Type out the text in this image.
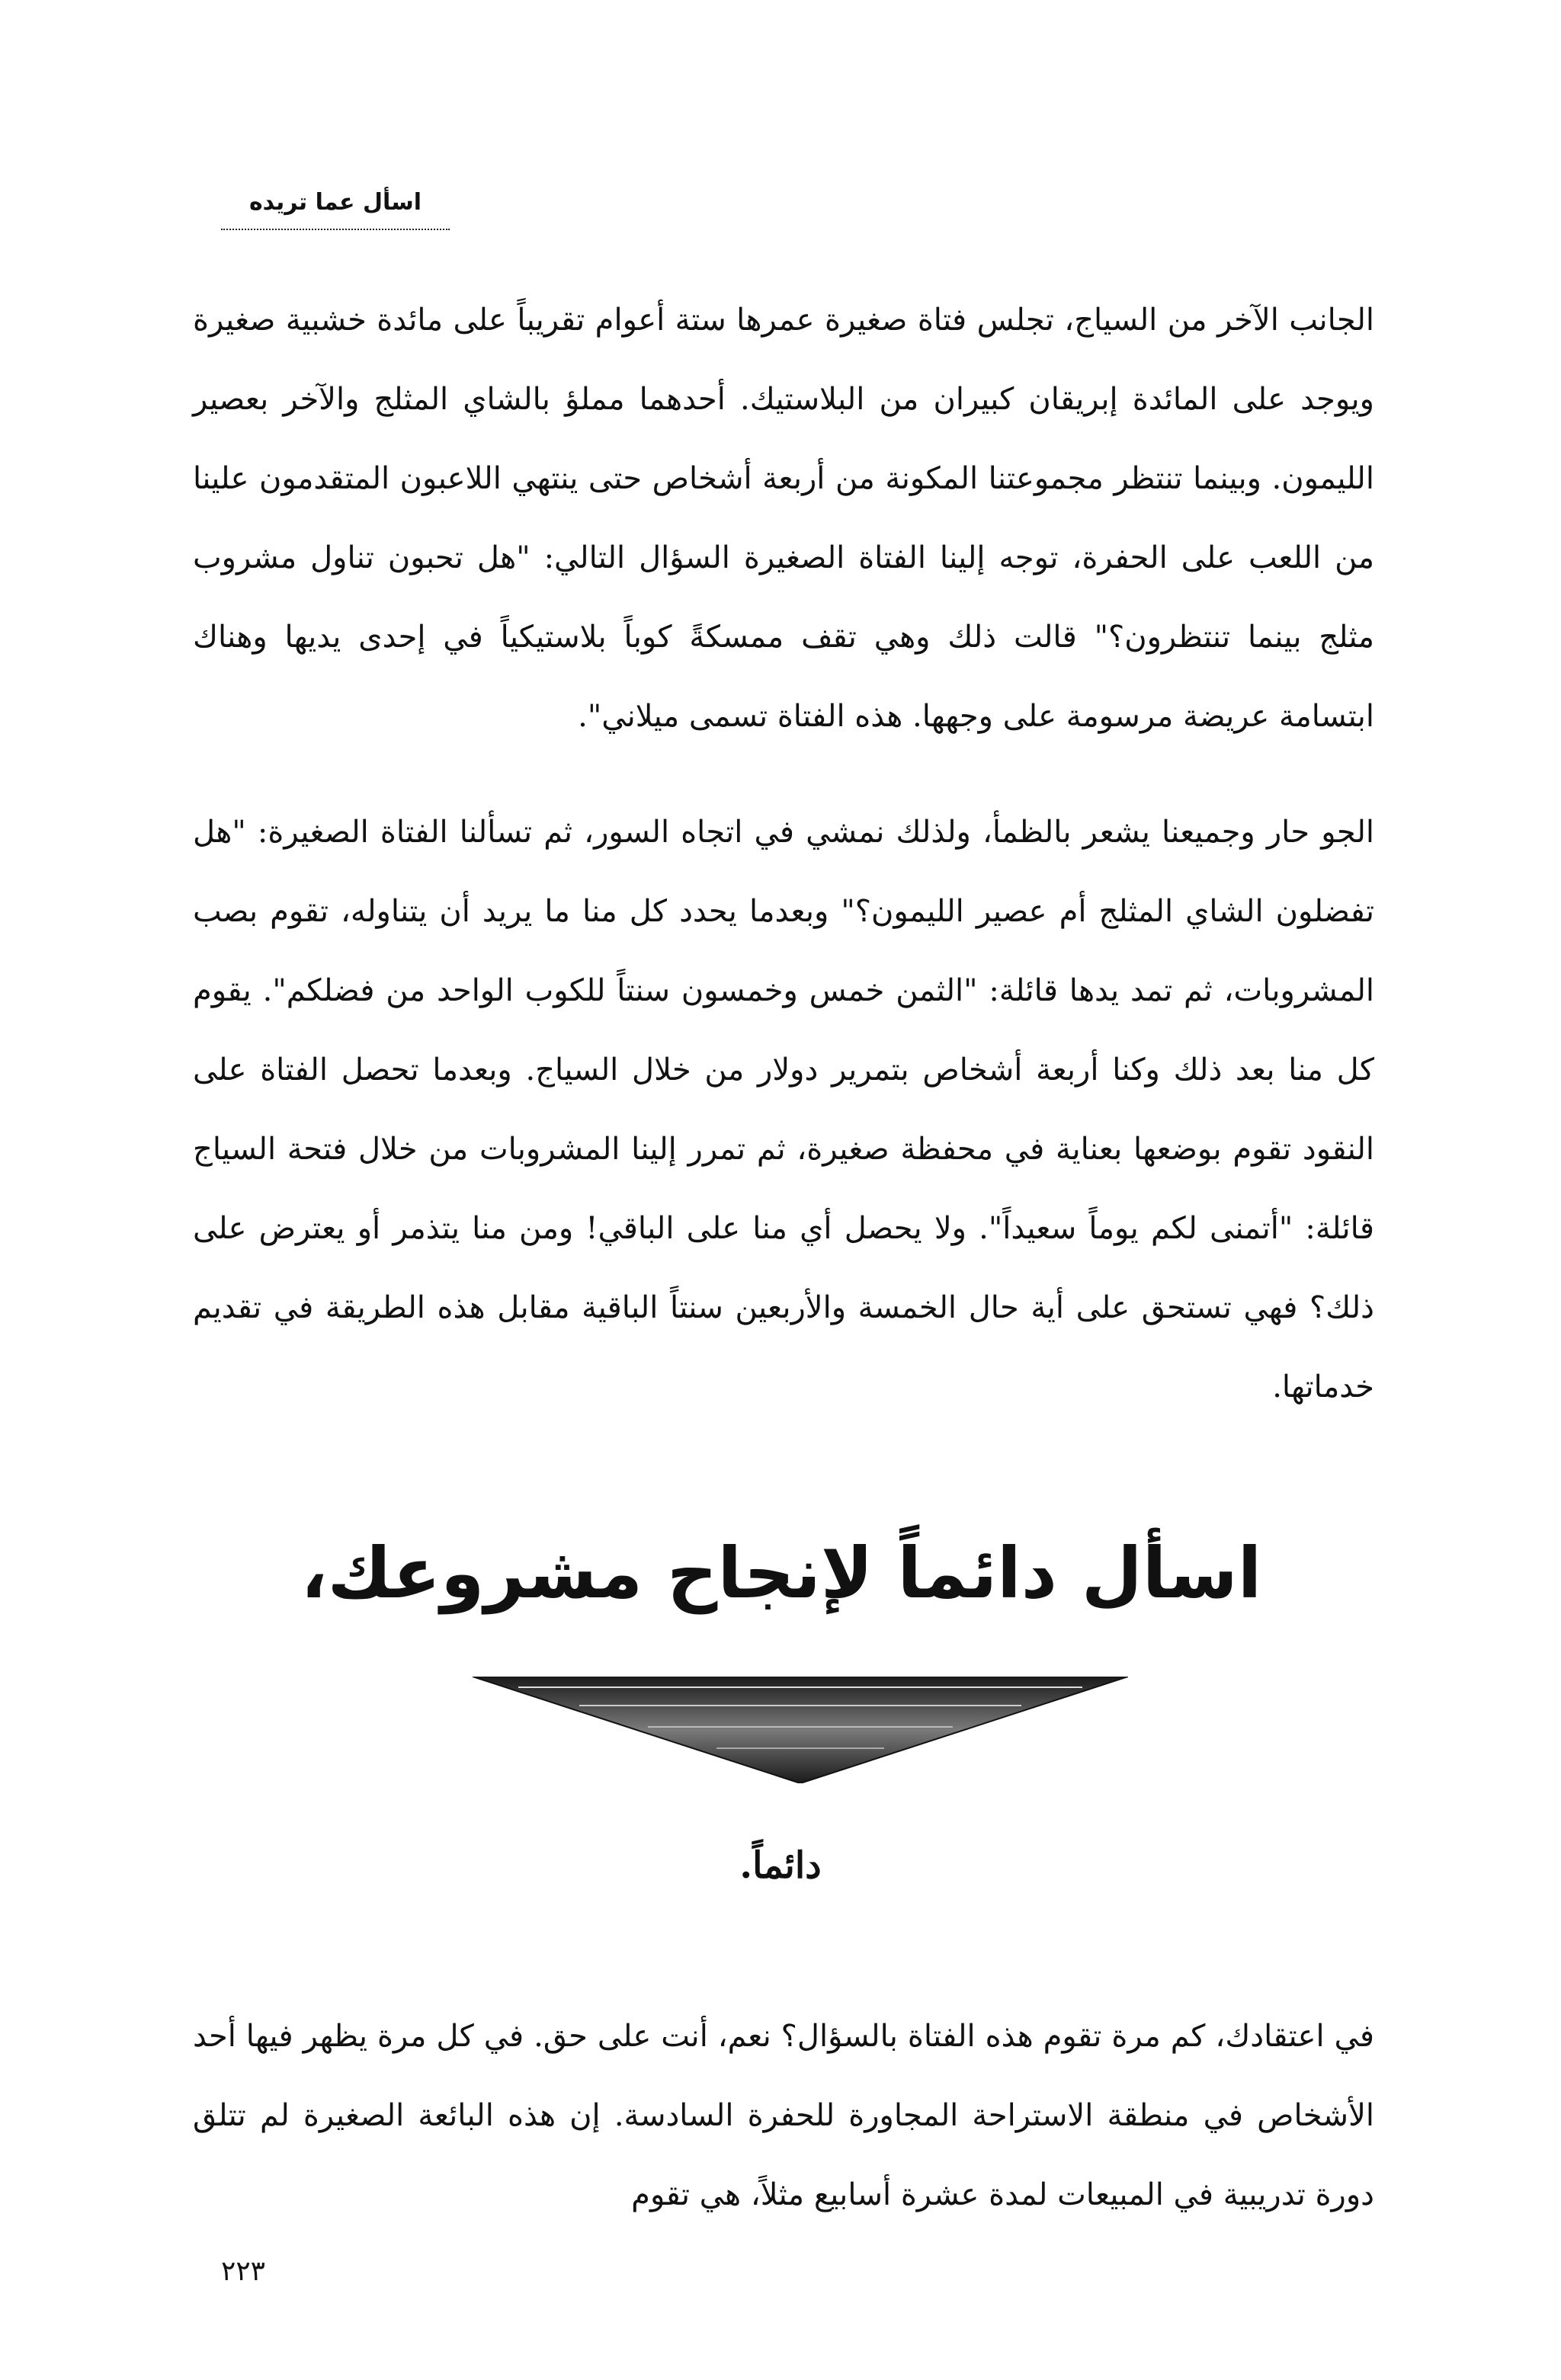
اسأل عما تريده

الجانب الآخر من السياج، تجلس فتاة صغيرة عمرها ستة أعوام تقريباً على مائدة خشبية صغيرة ويوجد على المائدة إبريقان كبيران من البلاستيك. أحدهما مملؤ بالشاي المثلج والآخر بعصير الليمون. وبينما تنتظر مجموعتنا المكونة من أربعة أشخاص حتى ينتهي اللاعبون المتقدمون علينا من اللعب على الحفرة، توجه إلينا الفتاة الصغيرة السؤال التالي: "هل تحبون تناول مشروب مثلج بينما تنتظرون؟" قالت ذلك وهي تقف ممسكةً كوباً بلاستيكياً في إحدى يديها وهناك ابتسامة عريضة مرسومة على وجهها. هذه الفتاة تسمى ميلاني".

الجو حار وجميعنا يشعر بالظمأ، ولذلك نمشي في اتجاه السور، ثم تسألنا الفتاة الصغيرة: "هل تفضلون الشاي المثلج أم عصير الليمون؟" وبعدما يحدد كل منا ما يريد أن يتناوله، تقوم بصب المشروبات، ثم تمد يدها قائلة: "الثمن خمس وخمسون سنتاً للكوب الواحد من فضلكم". يقوم كل منا بعد ذلك وكنا أربعة أشخاص بتمرير دولار من خلال السياج. وبعدما تحصل الفتاة على النقود تقوم بوضعها بعناية في محفظة صغيرة، ثم تمرر إلينا المشروبات من خلال فتحة السياج قائلة: "أتمنى لكم يوماً سعيداً". ولا يحصل أي منا على الباقي! ومن منا يتذمر أو يعترض على ذلك؟ فهي تستحق على أية حال الخمسة والأربعين سنتاً الباقية مقابل هذه الطريقة في تقديم خدماتها.

اسأل دائماً لإنجاح مشروعك،
دائماً.

في اعتقادك، كم مرة تقوم هذه الفتاة بالسؤال؟ نعم، أنت على حق. في كل مرة يظهر فيها أحد الأشخاص في منطقة الاستراحة المجاورة للحفرة السادسة. إن هذه البائعة الصغيرة لم تتلق دورة تدريبية في المبيعات لمدة عشرة أسابيع مثلاً، هي تقوم

٢٢٣
